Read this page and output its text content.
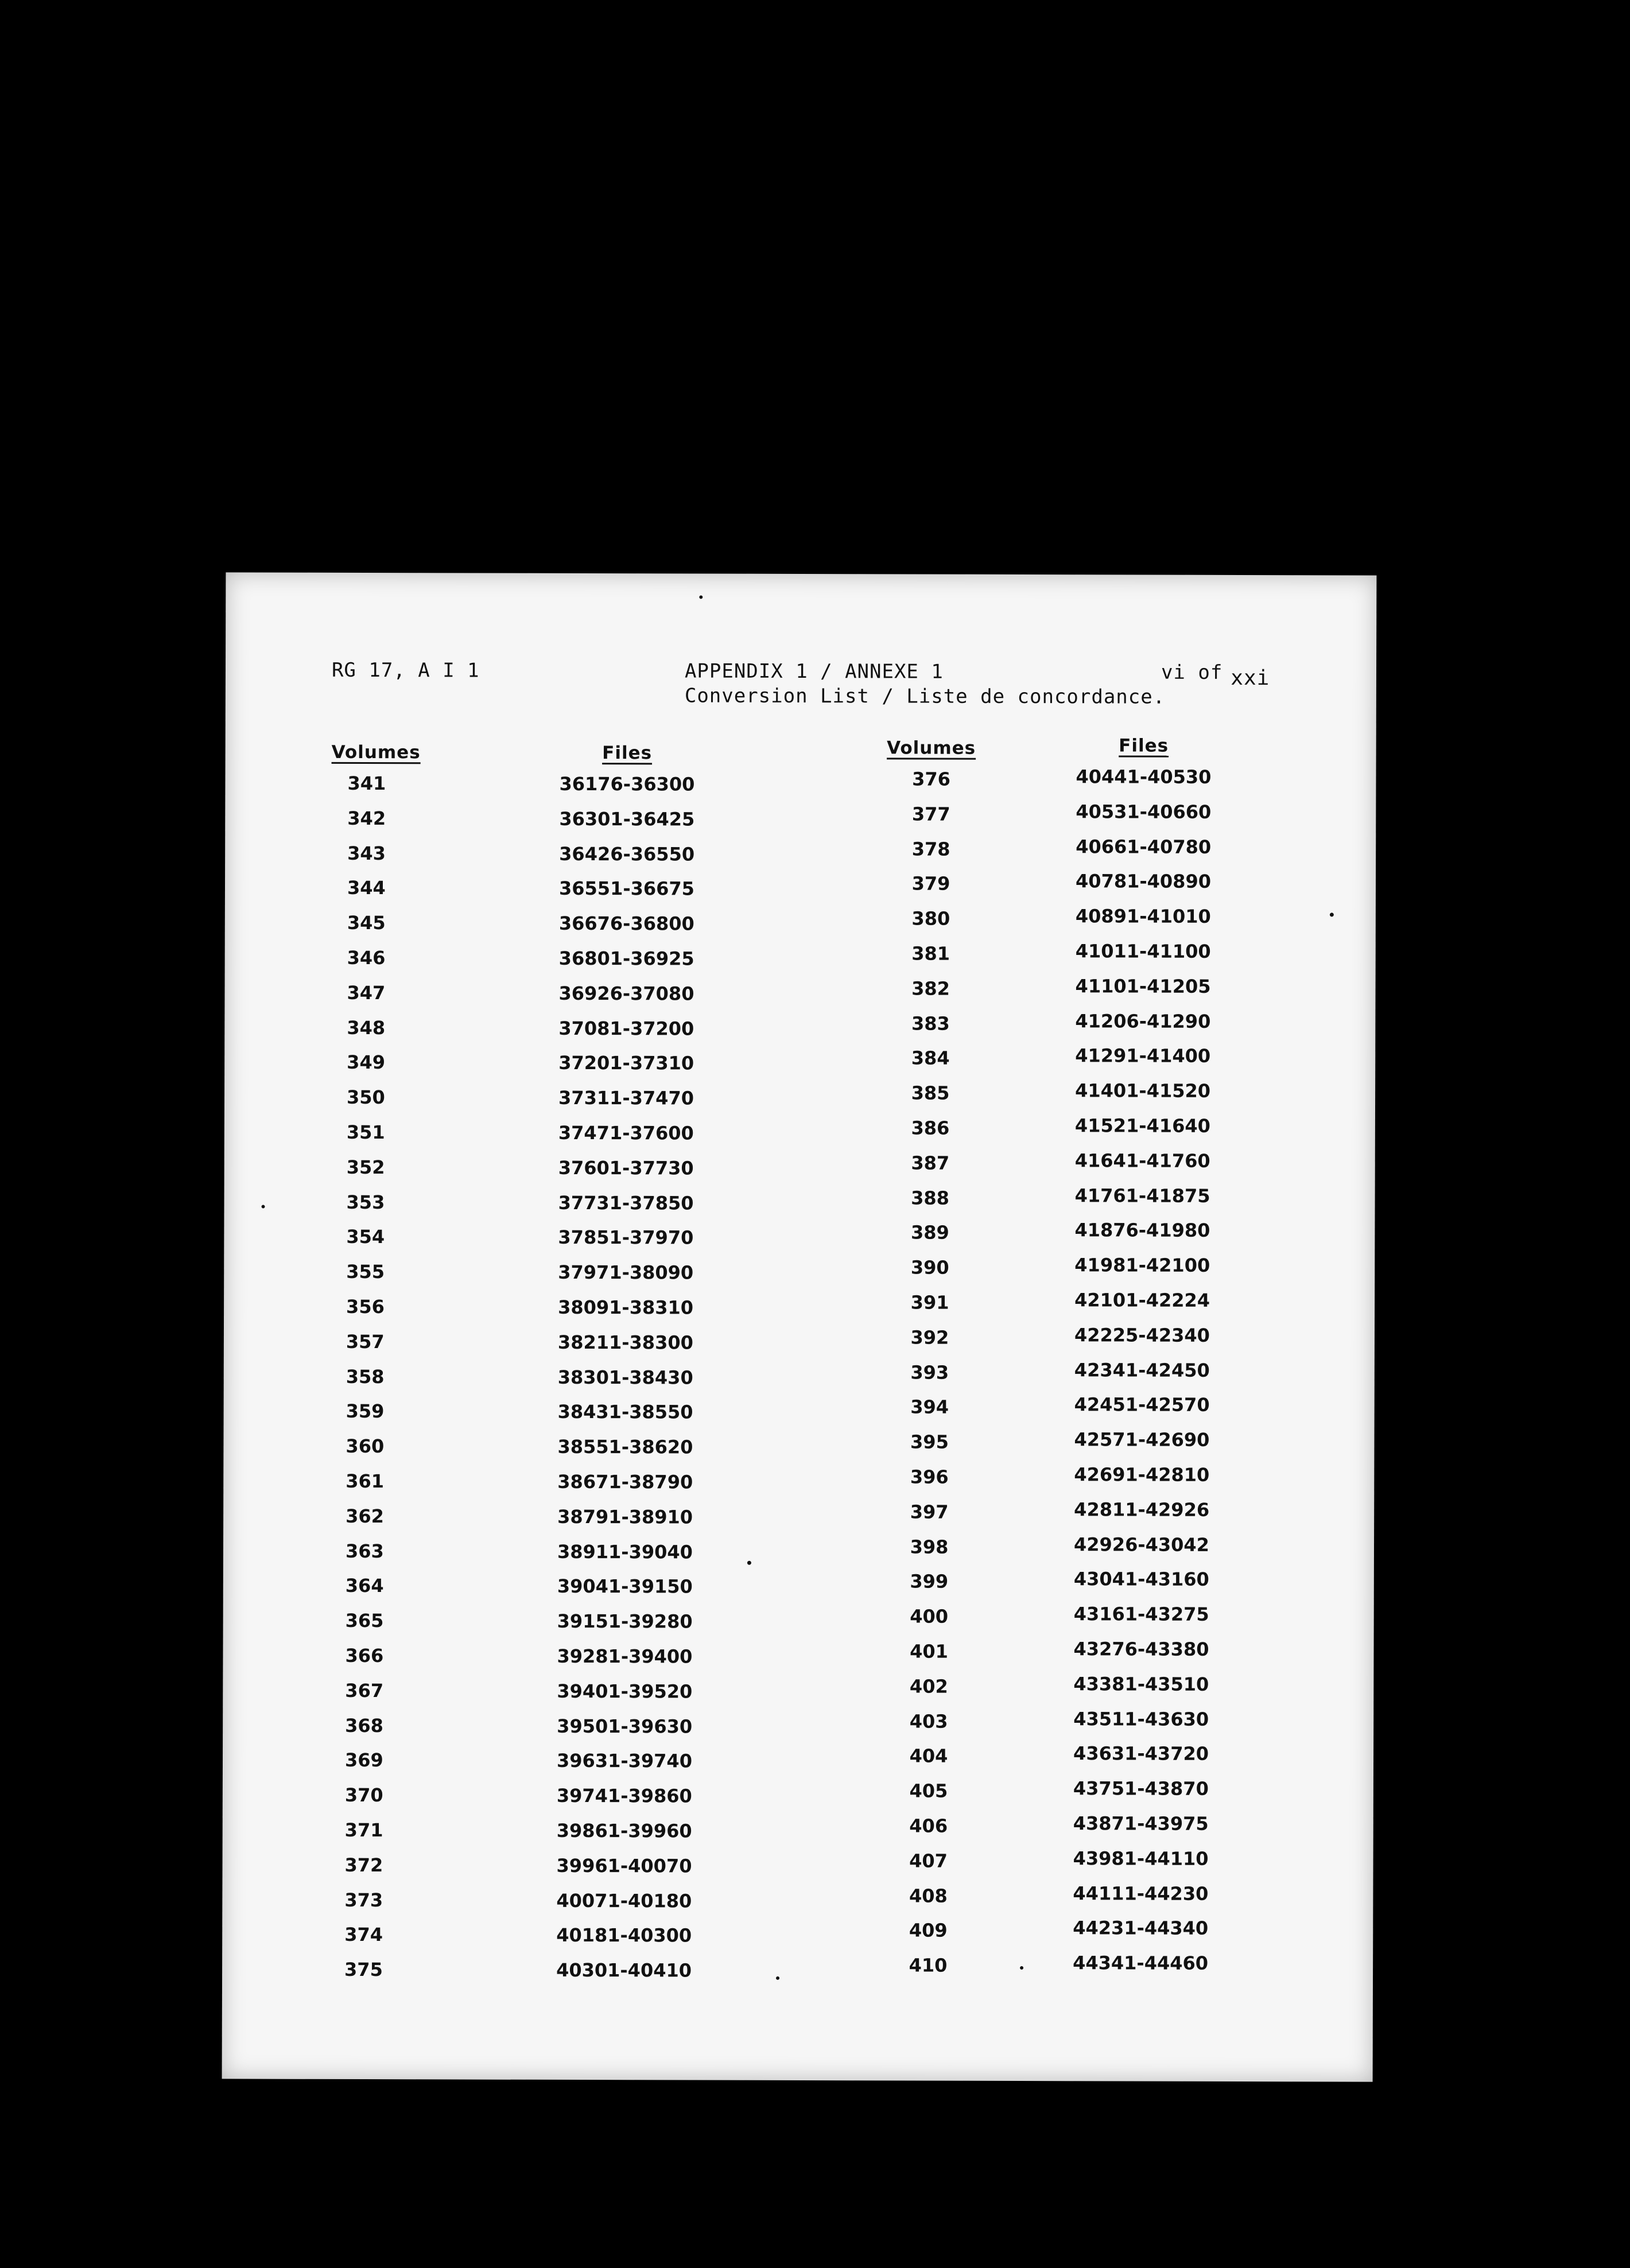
RG 17, A I 1	APPENDIX 1 / ANNEXE 1
Conversion List / Liste de concordance.
vi of xxi
Volumes
341
342
343
344
345
346
347
348
349
350
351
352
353
354
355
356
357
358
359
360
361
362
363
364
365
366
367
368
369
370
371
372
373
374
375
Files
36176-36300
36301-36425
36426-36550
36551-36675
36676-36800
36801-36925
36926-37080
37081-37200
37201-37310
37311-37470
37471-37600
37601-37730
37731-37850
37851-37970
37971-38090
38091-38310
38211-38300
38301-38430
38431-38550
38551-38620
38671-38790
38791-38910
38911-39040
39041-39150
39151-39280
39281-39400
39401-39520
39501-39630
39631-39740
39741-39860
39861-39960
39961-40070
40071-40180
40181-40300
40301-40410
Volumes
376
377
378
379
380
381
382
383
384
385
386
387
388
389
390
391
392
393
394
395
396
397
398
399
400
401
402
403
404
405
406
407
408
409
410
Files
40441-40530
40531-40660
40661-40780
40781-40890
40891-41010
41011-41100
41101-41205
41206-41290
41291-41400
41401-41520
41521-41640
41641-41760
41761-41875
41876-41980
41981-42100
42101-42224
42225-42340
42341-42450
42451-42570
42571-42690
42691-42810
42811-42926
42926-43042
43041-43160
43161-43275
43276-43380
43381-43510
43511-43630
43631-43720
43751-43870
43871-43975
43981-44110
44111-44230
44231-44340
44341-44460
